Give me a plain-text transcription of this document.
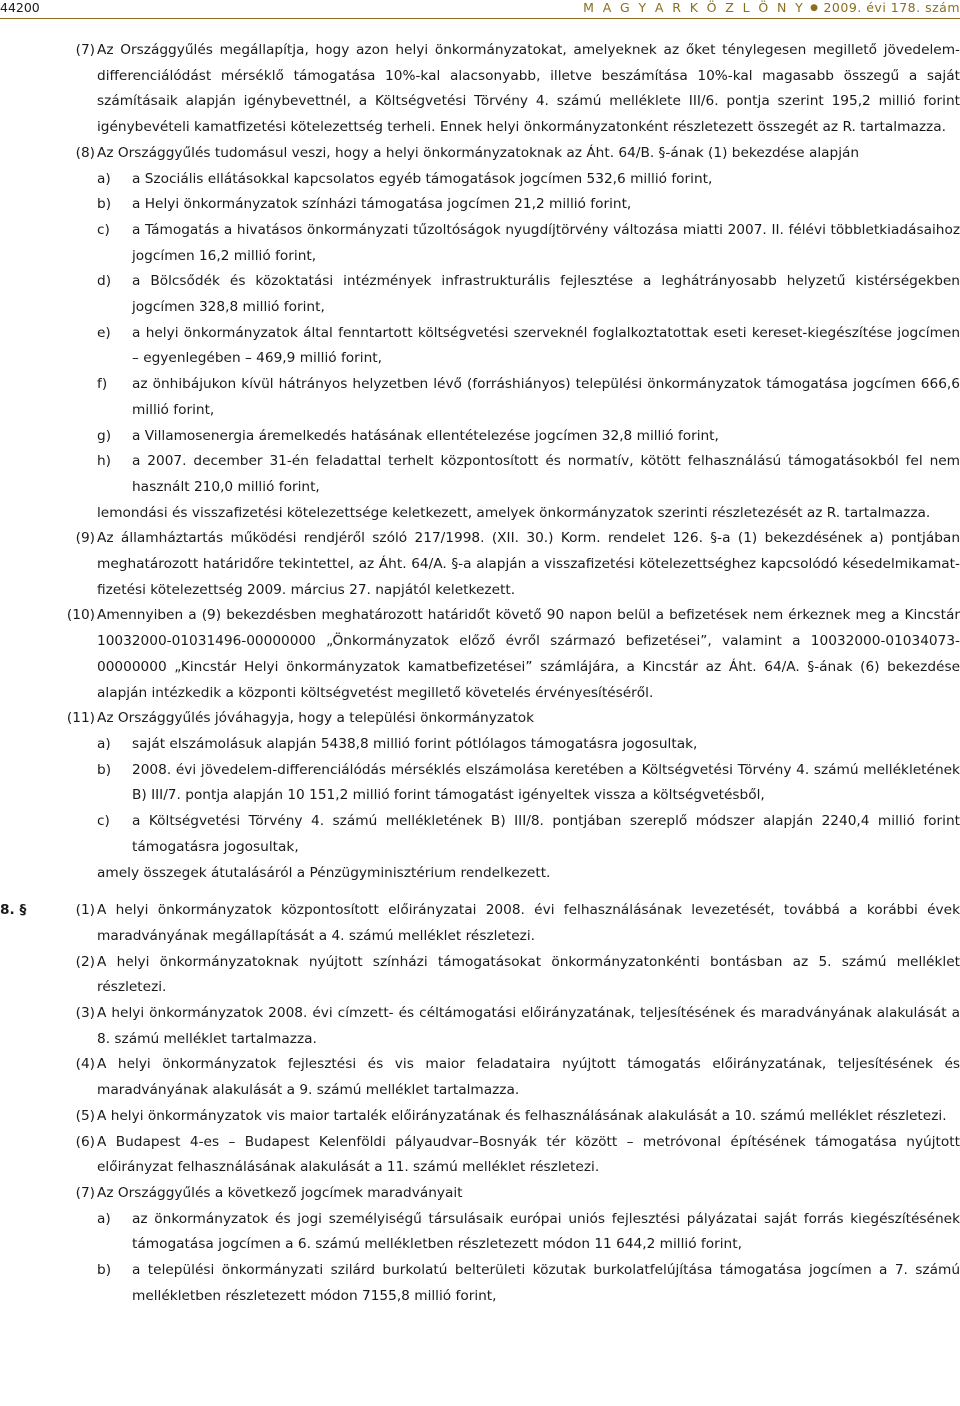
44200	M A G Y A R K Ö Z L Ö N Y ● 2009. évi 178. szám
(7) Az Országgyűlés megállapítja, hogy azon helyi önkormányzatokat, amelyeknek az őket ténylegesen megillető jövedelem-differenciálódást mérséklő támogatása 10%-kal alacsonyabb, illetve beszámítása 10%-kal magasabb összegű a saját számításaik alapján igénybevettnél, a Költségvetési Törvény 4. számú melléklete III/6. pontja szerint 195,2 millió forint igénybevételi kamatfizetési kötelezettség terheli. Ennek helyi önkormányzatonként részletezett összegét az R. tartalmazza.
(8) Az Országgyűlés tudomásul veszi, hogy a helyi önkormányzatoknak az Áht. 64/B. §-ának (1) bekezdése alapján
a) a Szociális ellátásokkal kapcsolatos egyéb támogatások jogcímen 532,6 millió forint,
b) a Helyi önkormányzatok színházi támogatása jogcímen 21,2 millió forint,
c) a Támogatás a hivatásos önkormányzati tűzoltóságok nyugdíjtörvény változása miatti 2007. II. félévi többletkiadásaihoz jogcímen 16,2 millió forint,
d) a Bölcsődék és közoktatási intézmények infrastrukturális fejlesztése a leghátrányosabb helyzetű kistérségekben jogcímen 328,8 millió forint,
e) a helyi önkormányzatok által fenntartott költségvetési szerveknél foglalkoztatottak eseti kereset-kiegészítése jogcímen – egyenlegében – 469,9 millió forint,
f) az önhibájukon kívül hátrányos helyzetben lévő (forráshiányos) települési önkormányzatok támogatása jogcímen 666,6 millió forint,
g) a Villamosenergia áremelkedés hatásának ellentételezése jogcímen 32,8 millió forint,
h) a 2007. december 31-én feladattal terhelt központosított és normatív, kötött felhasználású támogatásokból fel nem használt 210,0 millió forint,
lemondási és visszafizetési kötelezettsége keletkezett, amelyek önkormányzatok szerinti részletezését az R. tartalmazza.
(9) Az államháztartás működési rendjéről szóló 217/1998. (XII. 30.) Korm. rendelet 126. §-a (1) bekezdésének a) pontjában meghatározott határidőre tekintettel, az Áht. 64/A. §-a alapján a visszafizetési kötelezettséghez kapcsolódó késedelmikamat-fizetési kötelezettség 2009. március 27. napjától keletkezett.
(10) Amennyiben a (9) bekezdésben meghatározott határidőt követő 90 napon belül a befizetések nem érkeznek meg a Kincstár 10032000-01031496-00000000 „Önkormányzatok előző évről származó befizetései”, valamint a 10032000-01034073-00000000 „Kincstár Helyi önkormányzatok kamatbefizetései” számlájára, a Kincstár az Áht. 64/A. §-ának (6) bekezdése alapján intézkedik a központi költségvetést megillető követelés érvényesítéséről.
(11) Az Országgyűlés jóváhagyja, hogy a települési önkormányzatok
a) saját elszámolásuk alapján 5438,8 millió forint pótlólagos támogatásra jogosultak,
b) 2008. évi jövedelem-differenciálódás mérséklés elszámolása keretében a Költségvetési Törvény 4. számú mellékletének B) III/7. pontja alapján 10 151,2 millió forint támogatást igényeltek vissza a költségvetésből,
c) a Költségvetési Törvény 4. számú mellékletének B) III/8. pontjában szereplő módszer alapján 2240,4 millió forint támogatásra jogosultak,
amely összegek átutalásáról a Pénzügyminisztérium rendelkezett.
8. §	(1) A helyi önkormányzatok központosított előirányzatai 2008. évi felhasználásának levezetését, továbbá a korábbi évek maradványának megállapítását a 4. számú melléklet részletezi.
(2) A helyi önkormányzatoknak nyújtott színházi támogatásokat önkormányzatonkénti bontásban az 5. számú melléklet részletezi.
(3) A helyi önkormányzatok 2008. évi címzett- és céltámogatási előirányzatának, teljesítésének és maradványának alakulását a 8. számú melléklet tartalmazza.
(4) A helyi önkormányzatok fejlesztési és vis maior feladataira nyújtott támogatás előirányzatának, teljesítésének és maradványának alakulását a 9. számú melléklet tartalmazza.
(5) A helyi önkormányzatok vis maior tartalék előirányzatának és felhasználásának alakulását a 10. számú melléklet részletezi.
(6) A Budapest 4-es – Budapest Kelenföldi pályaudvar–Bosnyák tér között – metróvonal építésének támogatása nyújtott előirányzat felhasználásának alakulását a 11. számú melléklet részletezi.
(7) Az Országgyűlés a következő jogcímek maradványait
a) az önkormányzatok és jogi személyiségű társulásaik európai uniós fejlesztési pályázatai saját forrás kiegészítésének támogatása jogcímen a 6. számú mellékletben részletezett módon 11 644,2 millió forint,
b) a települési önkormányzati szilárd burkolatú belterületi közutak burkolatfelújítása támogatása jogcímen a 7. számú mellékletben részletezett módon 7155,8 millió forint,
